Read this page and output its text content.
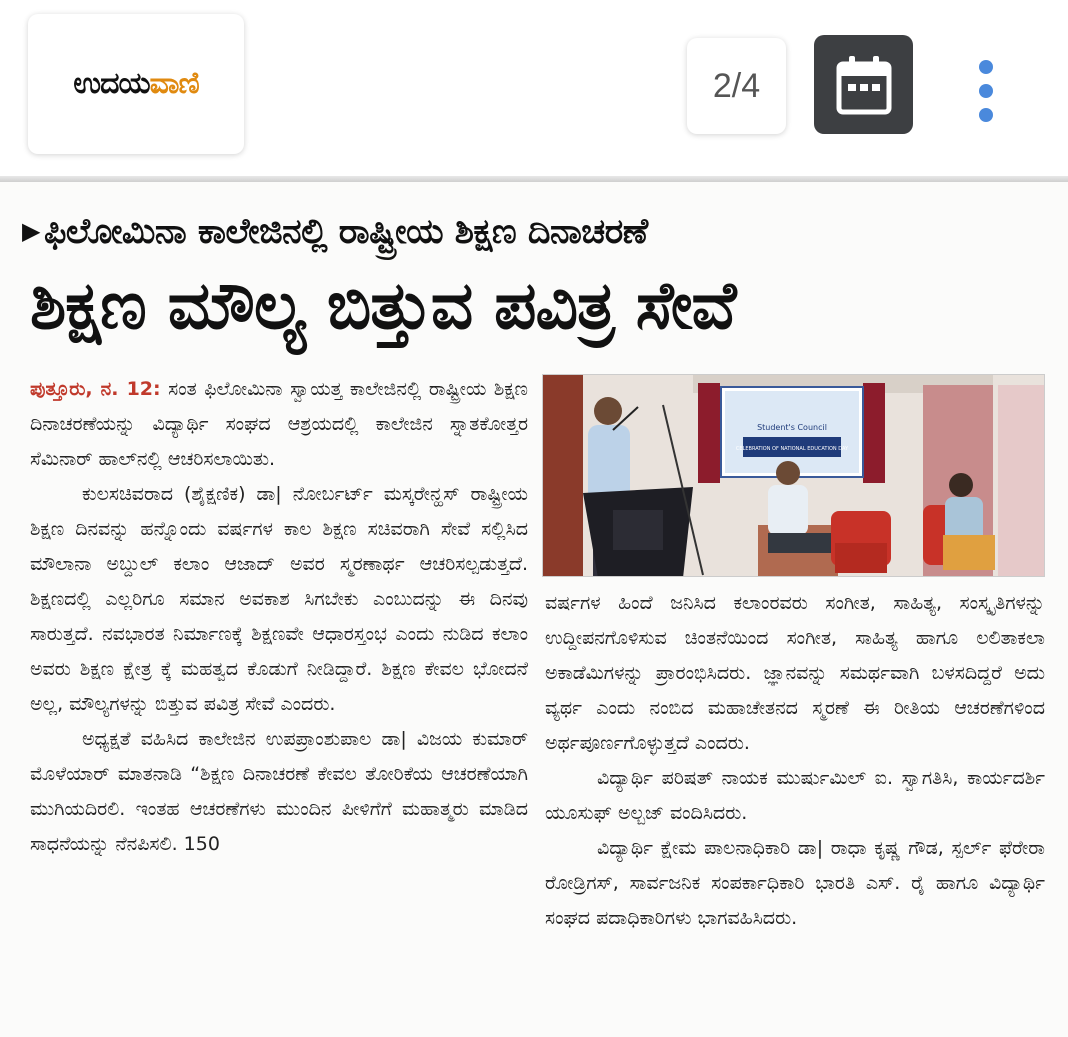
ಉದಯವಾಣಿ	2/4
▶ ಫಿಲೋಮಿನಾ ಕಾಲೇಜಿನಲ್ಲಿ ರಾಷ್ಟ್ರೀಯ ಶಿಕ್ಷಣ ದಿನಾಚರಣೆ
ಶಿಕ್ಷಣ ಮೌಲ್ಯ ಬಿತ್ತುವ ಪವಿತ್ರ ಸೇವೆ

ಪುತ್ತೂರು, ನ. 12: ಸಂತ ಫಿಲೋಮಿನಾ ಸ್ವಾಯತ್ತ ಕಾಲೇಜಿನಲ್ಲಿ ರಾಷ್ಟ್ರೀಯ ಶಿಕ್ಷಣ ದಿನಾಚರಣೆಯನ್ನು ವಿದ್ಯಾರ್ಥಿ ಸಂಘದ ಆಶ್ರಯದಲ್ಲಿ ಕಾಲೇಜಿನ ಸ್ನಾತಕೋತ್ತರ ಸೆಮಿನಾರ್ ಹಾಲ್‌ನಲ್ಲಿ ಆಚರಿಸಲಾಯಿತು.

ಕುಲಸಚಿವರಾದ (ಶೈಕ್ಷಣಿಕ) ಡಾ| ನೋರ್ಬರ್ಟ್ ಮಸ್ಕರೇನ್ಹಸ್ ರಾಷ್ಟ್ರೀಯ ಶಿಕ್ಷಣ ದಿನವನ್ನು ಹನ್ನೊಂದು ವರ್ಷಗಳ ಕಾಲ ಶಿಕ್ಷಣ ಸಚಿವರಾಗಿ ಸೇವೆ ಸಲ್ಲಿಸಿದ ಮೌಲಾನಾ ಅಬ್ದುಲ್ ಕಲಾಂ ಆಜಾದ್ ಅವರ ಸ್ಮರಣಾರ್ಥ ಆಚರಿಸಲ್ಪಡುತ್ತದೆ. ಶಿಕ್ಷಣದಲ್ಲಿ ಎಲ್ಲರಿಗೂ ಸಮಾನ ಅವಕಾಶ ಸಿಗಬೇಕು ಎಂಬುದನ್ನು ಈ ದಿನವು ಸಾರುತ್ತದೆ. ನವಭಾರತ ನಿರ್ಮಾಣಕ್ಕೆ ಶಿಕ್ಷಣವೇ ಆಧಾರಸ್ತಂಭ ಎಂದು ನುಡಿದ ಕಲಾಂ ಅವರು ಶಿಕ್ಷಣ ಕ್ಷೇತ್ರ ಕ್ಕೆ ಮಹತ್ವದ ಕೊಡುಗೆ ನೀಡಿದ್ದಾರೆ. ಶಿಕ್ಷಣ ಕೇವಲ ಭೋದನೆ ಅಲ್ಲ, ಮೌಲ್ಯಗಳನ್ನು ಬಿತ್ತುವ ಪವಿತ್ರ ಸೇವೆ ಎಂದರು.

ಅಧ್ಯಕ್ಷತೆ ವಹಿಸಿದ ಕಾಲೇಜಿನ ಉಪಪ್ರಾಂಶುಪಾಲ ಡಾ| ವಿಜಯ ಕುಮಾರ್ ಮೊಳೆಯಾರ್ ಮಾತನಾಡಿ “ಶಿಕ್ಷಣ ದಿನಾಚರಣೆ ಕೇವಲ ತೋರಿಕೆಯ ಆಚರಣೆಯಾಗಿ ಮುಗಿಯದಿರಲಿ. ಇಂತಹ ಆಚರಣೆಗಳು ಮುಂದಿನ ಪೀಳಿಗೆಗೆ ಮಹಾತ್ಮರು ಮಾಡಿದ ಸಾಧನೆಯನ್ನು ನೆನಪಿಸಲಿ. 150

Student's Council
CELEBRATION OF NATIONAL EDUCATION DAY

ವರ್ಷಗಳ ಹಿಂದೆ ಜನಿಸಿದ ಕಲಾಂರವರು ಸಂಗೀತ, ಸಾಹಿತ್ಯ, ಸಂಸ್ಕೃತಿಗಳನ್ನು ಉದ್ದೀಪನಗೊಳಿಸುವ ಚಿಂತನೆಯಿಂದ ಸಂಗೀತ, ಸಾಹಿತ್ಯ ಹಾಗೂ ಲಲಿತಾಕಲಾ ಅಕಾಡೆಮಿಗಳನ್ನು ಪ್ರಾರಂಭಿಸಿದರು. ಜ್ಞಾನವನ್ನು ಸಮರ್ಥವಾಗಿ ಬಳಸದಿದ್ದರೆ ಅದು ವ್ಯರ್ಥ ಎಂದು ನಂಬಿದ ಮಹಾಚೇತನದ ಸ್ಮರಣೆ ಈ ರೀತಿಯ ಆಚರಣೆಗಳಿಂದ ಅರ್ಥಪೂರ್ಣಗೊಳ್ಳುತ್ತದೆ ಎಂದರು.

ವಿದ್ಯಾರ್ಥಿ ಪರಿಷತ್ ನಾಯಕ ಮುರ್ಷುಮಿಲ್ ಐ. ಸ್ವಾಗತಿಸಿ, ಕಾರ್ಯದರ್ಶಿ ಯೂಸುಫ್ ಅಲ್ಬಜ್ ವಂದಿಸಿದರು.

ವಿದ್ಯಾರ್ಥಿ ಕ್ಷೇಮ ಪಾಲನಾಧಿಕಾರಿ ಡಾ| ರಾಧಾ ಕೃಷ್ಣ ಗೌಡ, ಸ್ಪರ್ಲ್ ಫೆರೇರಾ ರೋಡ್ರಿಗಸ್, ಸಾರ್ವಜನಿಕ ಸಂಪರ್ಕಾಧಿಕಾರಿ ಭಾರತಿ ಎಸ್. ರೈ ಹಾಗೂ ವಿದ್ಯಾರ್ಥಿ ಸಂಘದ ಪದಾಧಿಕಾರಿಗಳು ಭಾಗವಹಿಸಿದರು.
